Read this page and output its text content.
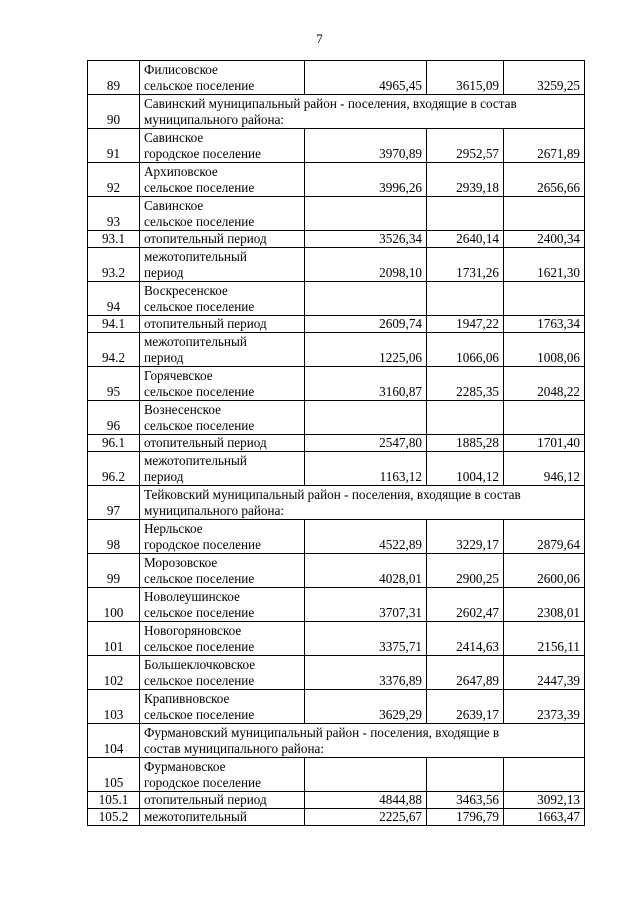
7
89	Филисовское
сельское поселение	4965,45	3615,09	3259,25
90	Савинский муниципальный район - поселения, входящие в состав
муниципального района:			

91	Савинское
городское поселение	3970,89	2952,57	2671,89
92	Архиповское
сельское поселение	3996,26	2939,18	2656,66
93	Савинское
сельское поселение			

93.1	отопительный период	3526,34	2640,14	2400,34
93.2	межотопительный
период	2098,10	1731,26	1621,30
94	Воскресенское
сельское поселение			

94.1	отопительный период	2609,74	1947,22	1763,34
94.2	межотопительный
период	1225,06	1066,06	1008,06
95	Горячевское
сельское поселение	3160,87	2285,35	2048,22
96	Вознесенское
сельское поселение			

96.1	отопительный период	2547,80	1885,28	1701,40
96.2	межотопительный
период	1163,12	1004,12	946,12
97	Тейковский муниципальный район - поселения, входящие в состав
муниципального района:			

98	Нерльское
городское поселение	4522,89	3229,17	2879,64
99	Морозовское
сельское поселение	4028,01	2900,25	2600,06
100	Новолеушинское
сельское поселение	3707,31	2602,47	2308,01
101	Новогоряновское
сельское поселение	3375,71	2414,63	2156,11
102	Большеклочковское
сельское поселение	3376,89	2647,89	2447,39
103	Крапивновское
сельское поселение	3629,29	2639,17	2373,39
104	Фурмановский муниципальный район - поселения, входящие в
состав муниципального района:			

105	Фурмановское
городское поселение			

105.1	отопительный период	4844,88	3463,56	3092,13
105.2	межотопительный	2225,67	1796,79	1663,47
